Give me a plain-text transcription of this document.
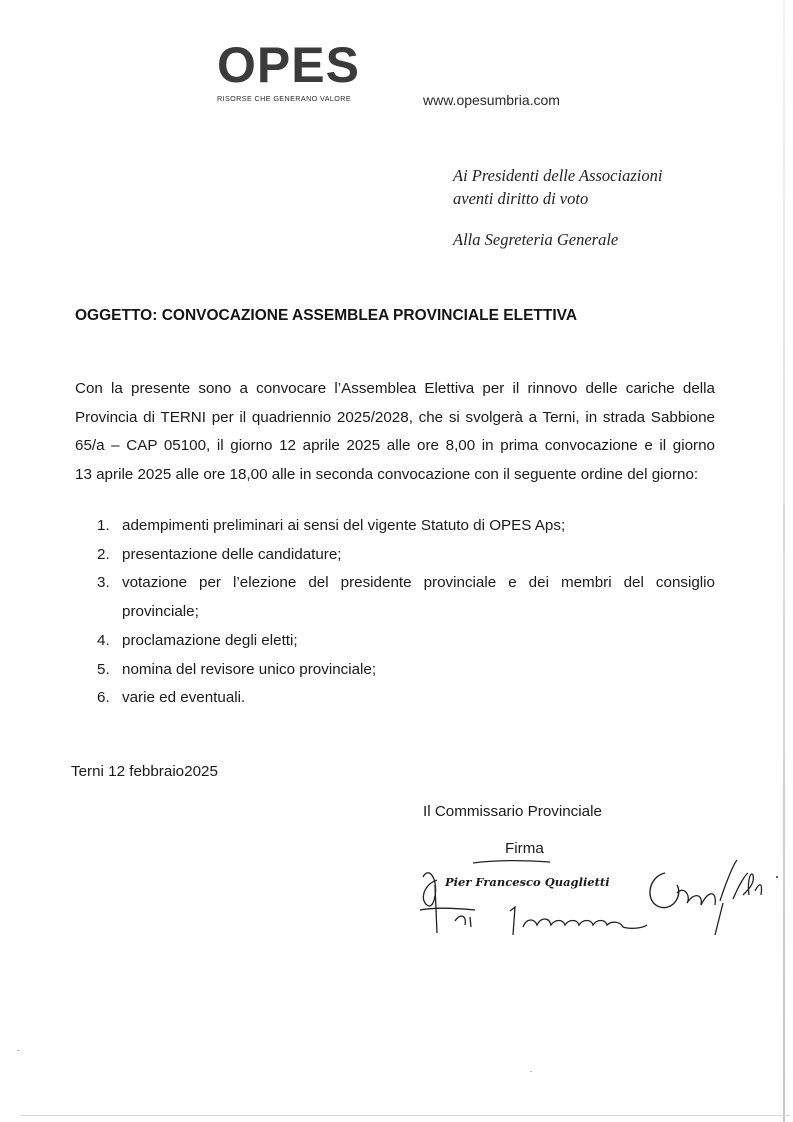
OPES
RISORSE CHE GENERANO VALORE	www.opesumbria.com
Ai Presidenti delle Associazioni
aventi diritto di voto
Alla Segreteria Generale
OGGETTO: CONVOCAZIONE ASSEMBLEA PROVINCIALE ELETTIVA
Con la presente sono a convocare l’Assemblea Elettiva per il rinnovo delle cariche della
Provincia di TERNI per il quadriennio 2025/2028, che si svolgerà a Terni, in strada Sabbione
65/a – CAP 05100, il giorno 12 aprile 2025 alle ore 8,00 in prima convocazione e il giorno
13 aprile 2025 alle ore 18,00 alle in seconda convocazione con il seguente ordine del giorno:
1. adempimenti preliminari ai sensi del vigente Statuto di OPES Aps;
2. presentazione delle candidature;
3. votazione per l’elezione del presidente provinciale e dei membri del consiglio
provinciale;
4. proclamazione degli eletti;
5. nomina del revisore unico provinciale;
6. varie ed eventuali.
Terni 12 febbraio2025
Il Commissario Provinciale
Firma
Pier Francesco Quaglietti
